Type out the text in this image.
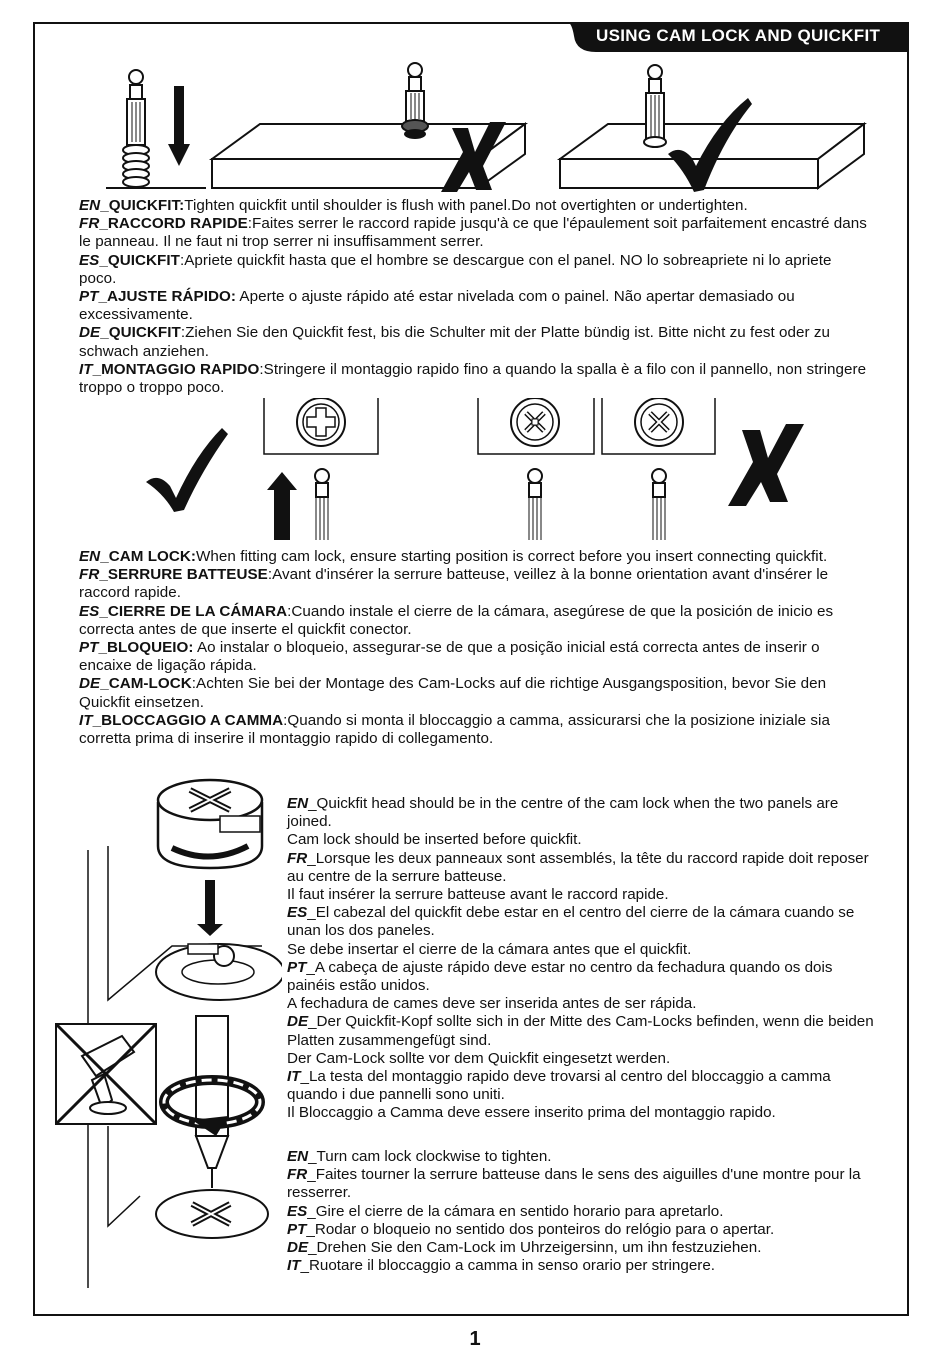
USING CAM LOCK AND QUICKFIT

EN_QUICKFIT:Tighten quickfit until shoulder is flush with panel.Do not overtighten or undertighten.

FR_RACCORD RAPIDE:Faites serrer le raccord rapide jusqu'à ce que l'épaulement soit parfaitement encastré dans le panneau. Il ne faut ni trop serrer ni insuffisamment serrer.

ES_QUICKFIT:Apriete quickfit hasta que el hombre se descargue con el panel. NO lo sobreapriete ni lo apriete poco.

PT_AJUSTE RÁPIDO: Aperte o ajuste rápido até estar nivelada com o painel. Não apertar demasiado ou excessivamente.

DE_QUICKFIT:Ziehen Sie den Quickfit fest, bis die Schulter mit der Platte bündig ist. Bitte nicht zu fest oder zu schwach anziehen.

IT_MONTAGGIO RAPIDO:Stringere il montaggio rapido fino a quando la spalla è a filo con il pannello, non stringere troppo o troppo poco.

EN_CAM LOCK:When fitting cam lock, ensure starting position is correct before you insert connecting quickfit.

FR_SERRURE BATTEUSE:Avant d'insérer la serrure batteuse, veillez à la bonne orientation avant d'insérer le raccord rapide.

ES_CIERRE DE LA CÁMARA:Cuando instale el cierre de la cámara, asegúrese de que la posición de inicio es correcta antes de que inserte el quickfit conector.

PT_BLOQUEIO: Ao instalar o bloqueio, assegurar-se de que a posição inicial está correcta antes de inserir o encaixe de ligação rápida.

DE_CAM-LOCK:Achten Sie bei der Montage des Cam-Locks auf die richtige Ausgangsposition, bevor Sie den Quickfit einsetzen.

IT_BLOCCAGGIO A CAMMA:Quando si monta il bloccaggio a camma, assicurarsi che la posizione iniziale sia corretta prima di inserire il montaggio rapido di collegamento.

EN_Quickfit head should be in the centre of the cam lock when the two panels are joined.

Cam lock should be inserted before quickfit.

FR_Lorsque les deux panneaux sont assemblés, la tête du raccord rapide doit reposer au centre de la serrure batteuse.

Il faut insérer la serrure batteuse avant le raccord rapide.

ES_El cabezal del quickfit debe estar en el centro del cierre de la cámara cuando se unan los dos paneles.

Se debe insertar el cierre de la cámara antes que el quickfit.

PT_A cabeça de ajuste rápido deve estar no centro da fechadura quando os dois painéis estão unidos.

A fechadura de cames deve ser inserida antes de ser rápida.

DE_Der Quickfit-Kopf sollte sich in der Mitte des Cam-Locks befinden, wenn die beiden Platten zusammengefügt sind.

Der Cam-Lock sollte vor dem Quickfit eingesetzt werden.

IT_La testa del montaggio rapido deve trovarsi al centro del bloccaggio a camma quando i due pannelli sono uniti.

Il Bloccaggio a Camma deve essere inserito prima del montaggio rapido.

EN_Turn cam lock clockwise to tighten.

FR_Faites tourner la serrure batteuse dans le sens des aiguilles d'une montre pour la resserrer.

ES_Gire el cierre de la cámara en sentido horario para apretarlo.

PT_Rodar o bloqueio no sentido dos ponteiros do relógio para o apertar.

DE_Drehen Sie den Cam-Lock im Uhrzeigersinn, um ihn festzuziehen.

IT_Ruotare il bloccaggio a camma in senso orario per stringere.

1
